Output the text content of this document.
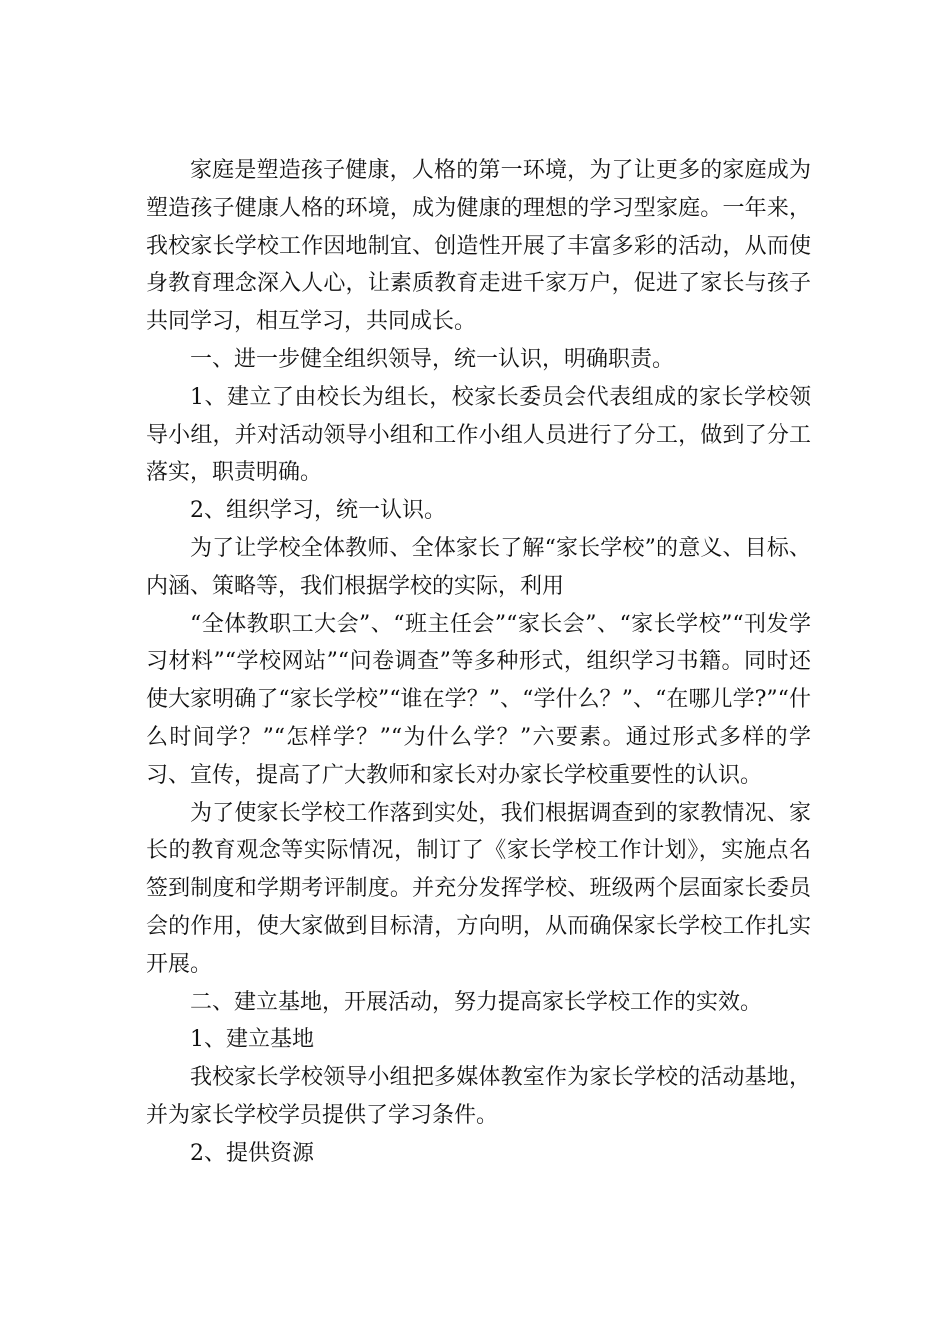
家庭是塑造孩子健康，人格的第一环境，为了让更多的家庭成为塑造孩子健康人格的环境，成为健康的理想的学习型家庭。一年来，我校家长学校工作因地制宜、创造性开展了丰富多彩的活动，从而使身教育理念深入人心，让素质教育走进千家万户，促进了家长与孩子共同学习，相互学习，共同成长。

一、进一步健全组织领导，统一认识，明确职责。

1、建立了由校长为组长，校家长委员会代表组成的家长学校领导小组，并对活动领导小组和工作小组人员进行了分工，做到了分工落实，职责明确。

2、组织学习，统一认识。

为了让学校全体教师、全体家长了解“家长学校”的意义、目标、内涵、策略等，我们根据学校的实际，利用

“全体教职工大会”、“班主任会”“家长会”、“家长学校”“刊发学习材料”“学校网站”“问卷调查”等多种形式，组织学习书籍。同时还使大家明确了“家长学校”“谁在学？”、“学什么？”、“在哪儿学?”“什么时间学？”“怎样学？”“为什么学？”六要素。通过形式多样的学习、宣传，提高了广大教师和家长对办家长学校重要性的认识。

为了使家长学校工作落到实处，我们根据调查到的家教情况、家长的教育观念等实际情况，制订了《家长学校工作计划》，实施点名签到制度和学期考评制度。并充分发挥学校、班级两个层面家长委员会的作用，使大家做到目标清，方向明，从而确保家长学校工作扎实开展。

二、建立基地，开展活动，努力提高家长学校工作的实效。

1、建立基地

我校家长学校领导小组把多媒体教室作为家长学校的活动基地，并为家长学校学员提供了学习条件。

2、提供资源
